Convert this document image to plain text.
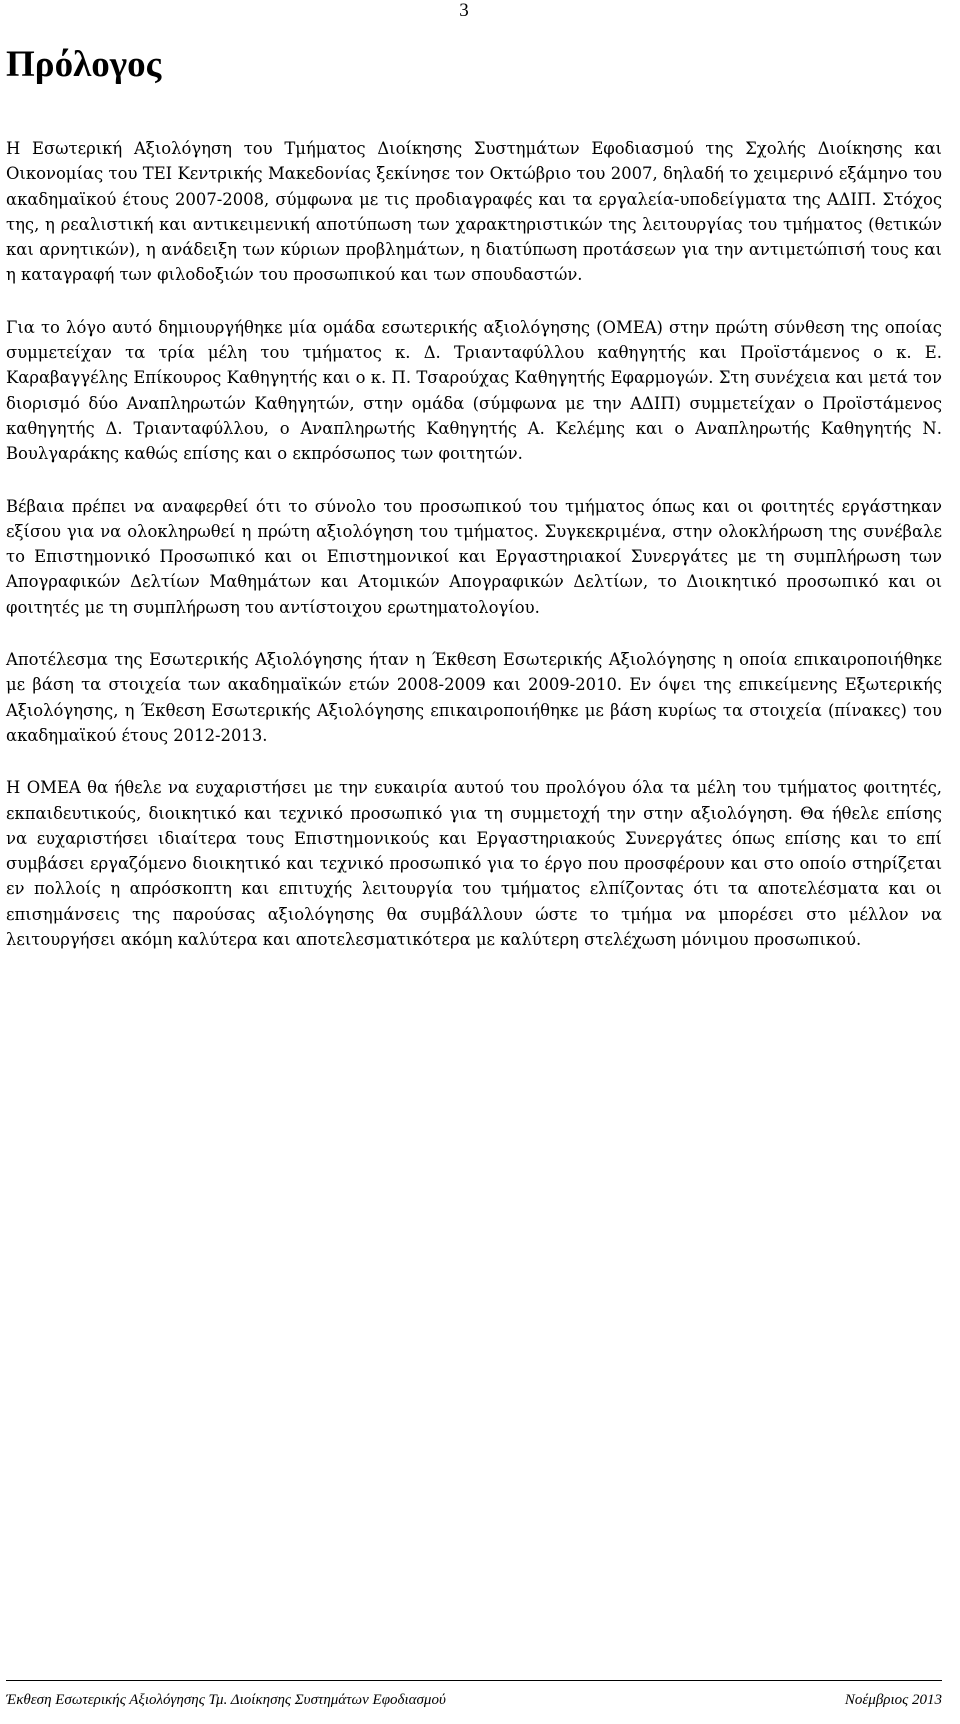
3
Πρόλογος

Η Εσωτερική Αξιολόγηση του Τμήματος Διοίκησης Συστημάτων Εφοδιασμού της Σχολής Διοίκησης και Οικονομίας του ΤΕΙ Κεντρικής Μακεδονίας ξεκίνησε τον Οκτώβριο του 2007, δηλαδή το χειμερινό εξάμηνο του ακαδημαϊκού έτους 2007-2008, σύμφωνα με τις προδιαγραφές και τα εργαλεία-υποδείγματα της ΑΔΙΠ. Στόχος της, η ρεαλιστική και αντικειμενική αποτύπωση των χαρακτηριστικών της λειτουργίας του τμήματος (θετικών και αρνητικών), η ανάδειξη των κύριων προβλημάτων, η διατύπωση προτάσεων για την αντιμετώπισή τους και η καταγραφή των φιλοδοξιών του προσωπικού και των σπουδαστών.

Για το λόγο αυτό δημιουργήθηκε μία ομάδα εσωτερικής αξιολόγησης (ΟΜΕΑ) στην πρώτη σύνθεση της οποίας συμμετείχαν τα τρία μέλη του τμήματος κ. Δ. Τριανταφύλλου καθηγητής και Προϊστάμενος ο κ. Ε. Καραβαγγέλης Επίκουρος Καθηγητής και ο κ. Π. Τσαρούχας Καθηγητής Εφαρμογών. Στη συνέχεια και μετά τον διορισμό δύο Αναπληρωτών Καθηγητών, στην ομάδα (σύμφωνα με την ΑΔΙΠ) συμμετείχαν ο Προϊστάμενος καθηγητής Δ. Τριανταφύλλου, ο Αναπληρωτής Καθηγητής Α. Κελέμης και ο Αναπληρωτής Καθηγητής Ν. Βουλγαράκης καθώς επίσης και ο εκπρόσωπος των φοιτητών.

Βέβαια πρέπει να αναφερθεί ότι το σύνολο του προσωπικού του τμήματος όπως και οι φοιτητές εργάστηκαν εξίσου για να ολοκληρωθεί η πρώτη αξιολόγηση του τμήματος. Συγκεκριμένα, στην ολοκλήρωση της συνέβαλε το Επιστημονικό Προσωπικό και οι Επιστημονικοί και Εργαστηριακοί Συνεργάτες με τη συμπλήρωση των Απογραφικών Δελτίων Μαθημάτων και Ατομικών Απογραφικών Δελτίων, το Διοικητικό προσωπικό και οι φοιτητές με τη συμπλήρωση του αντίστοιχου ερωτηματολογίου.

Αποτέλεσμα της Εσωτερικής Αξιολόγησης ήταν η Έκθεση Εσωτερικής Αξιολόγησης η οποία επικαιροποιήθηκε με βάση τα στοιχεία των ακαδημαϊκών ετών 2008-2009 και 2009-2010. Εν όψει της επικείμενης Εξωτερικής Αξιολόγησης, η Έκθεση Εσωτερικής Αξιολόγησης επικαιροποιήθηκε με βάση κυρίως τα στοιχεία (πίνακες) του ακαδημαϊκού έτους 2012-2013.

Η ΟΜΕΑ θα ήθελε να ευχαριστήσει με την ευκαιρία αυτού του προλόγου όλα τα μέλη του τμήματος φοιτητές, εκπαιδευτικούς, διοικητικό και τεχνικό προσωπικό για τη συμμετοχή την στην αξιολόγηση. Θα ήθελε επίσης να ευχαριστήσει ιδιαίτερα τους Επιστημονικούς και Εργαστηριακούς Συνεργάτες όπως επίσης και το επί συμβάσει εργαζόμενο διοικητικό και τεχνικό προσωπικό για το έργο που προσφέρουν και στο οποίο στηρίζεται εν πολλοίς η απρόσκοπτη και επιτυχής λειτουργία του τμήματος ελπίζοντας ότι τα αποτελέσματα και οι επισημάνσεις της παρούσας αξιολόγησης θα συμβάλλουν ώστε το τμήμα να μπορέσει στο μέλλον να λειτουργήσει ακόμη καλύτερα και αποτελεσματικότερα με καλύτερη στελέχωση μόνιμου προσωπικού.

Έκθεση Εσωτερικής Αξιολόγησης Τμ. Διοίκησης Συστημάτων Εφοδιασμού	Νοέμβριος 2013
